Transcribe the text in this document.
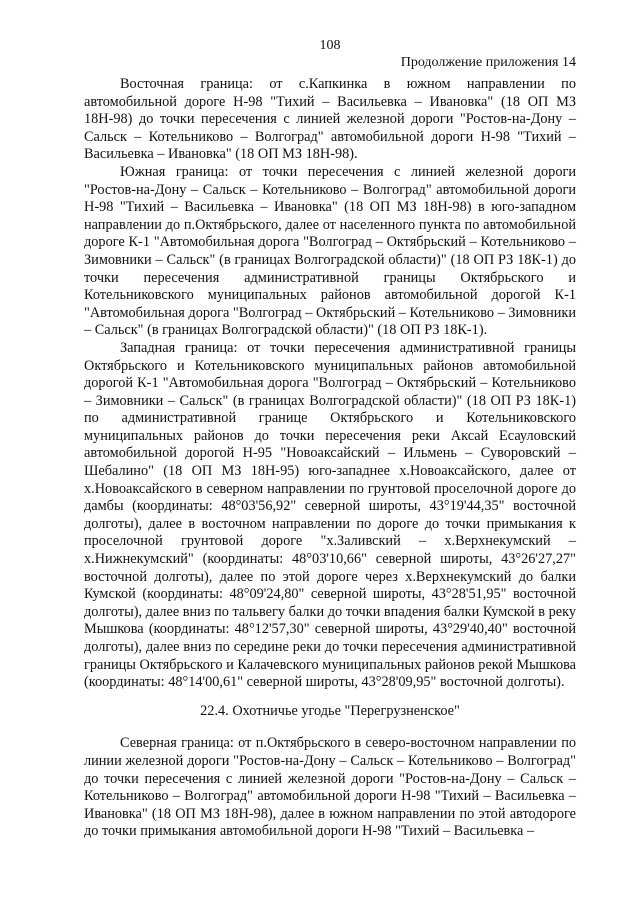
108
Продолжение приложения 14

Восточная граница: от с.Капкинка в южном направлении по автомобильной дороге Н-98 "Тихий – Васильевка – Ивановка" (18 ОП МЗ 18Н-98) до точки пересечения с линией железной дороги "Ростов-на-Дону – Сальск – Котельниково – Волгоград" автомобильной дороги Н-98 "Тихий – Васильевка – Ивановка" (18 ОП МЗ 18Н-98).

Южная граница: от точки пересечения с линией железной дороги "Ростов-на-Дону – Сальск – Котельниково – Волгоград" автомобильной дороги Н-98 "Тихий – Васильевка – Ивановка" (18 ОП МЗ 18Н-98) в юго-западном направлении до п.Октябрьского, далее от населенного пункта по автомобильной дороге К-1 "Автомобильная дорога "Волгоград – Октябрьский – Котельниково – Зимовники – Сальск" (в границах Волгоградской области)" (18 ОП РЗ 18К-1) до точки пересечения административной границы Октябрьского и Котельниковского муниципальных районов автомобильной дорогой К-1 "Автомобильная дорога "Волгоград – Октябрьский – Котельниково – Зимовники – Сальск" (в границах Волгоградской области)" (18 ОП РЗ 18К-1).

Западная граница: от точки пересечения административной границы Октябрьского и Котельниковского муниципальных районов автомобильной дорогой К-1 "Автомобильная дорога "Волгоград – Октябрьский – Котельниково – Зимовники – Сальск" (в границах Волгоградской области)" (18 ОП РЗ 18К-1) по административной границе Октябрьского и Котельниковского муниципальных районов до точки пересечения реки Аксай Есауловский автомобильной дорогой Н-95 "Новоаксайский – Ильмень – Суворовский – Шебалино" (18 ОП МЗ 18Н-95) юго-западнее х.Новоаксайского, далее от х.Новоаксайского в северном направлении по грунтовой проселочной дороге до дамбы (координаты: 48°03'56,92" северной широты, 43°19'44,35" восточной долготы), далее в восточном направлении по дороге до точки примыкания к проселочной грунтовой дороге "х.Заливский – х.Верхнекумский – х.Нижнекумский" (координаты: 48°03'10,66" северной широты, 43°26'27,27" восточной долготы), далее по этой дороге через х.Верхнекумский до балки Кумской (координаты: 48°09'24,80" северной широты, 43°28'51,95" восточной долготы), далее вниз по тальвегу балки до точки впадения балки Кумской в реку Мышкова (координаты: 48°12'57,30" северной широты, 43°29'40,40" восточной долготы), далее вниз по середине реки до точки пересечения административной границы Октябрьского и Калачевского муниципальных районов рекой Мышкова (координаты: 48°14'00,61" северной широты, 43°28'09,95" восточной долготы).

22.4. Охотничье угодье "Перегрузненское"

Северная граница: от п.Октябрьского в северо-восточном направлении по линии железной дороги "Ростов-на-Дону – Сальск – Котельниково – Волгоград" до точки пересечения с линией железной дороги "Ростов-на-Дону – Сальск – Котельниково – Волгоград" автомобильной дороги Н-98 "Тихий – Васильевка – Ивановка" (18 ОП МЗ 18Н-98), далее в южном направлении по этой автодороге до точки примыкания автомобильной дороги Н-98 "Тихий – Васильевка –
